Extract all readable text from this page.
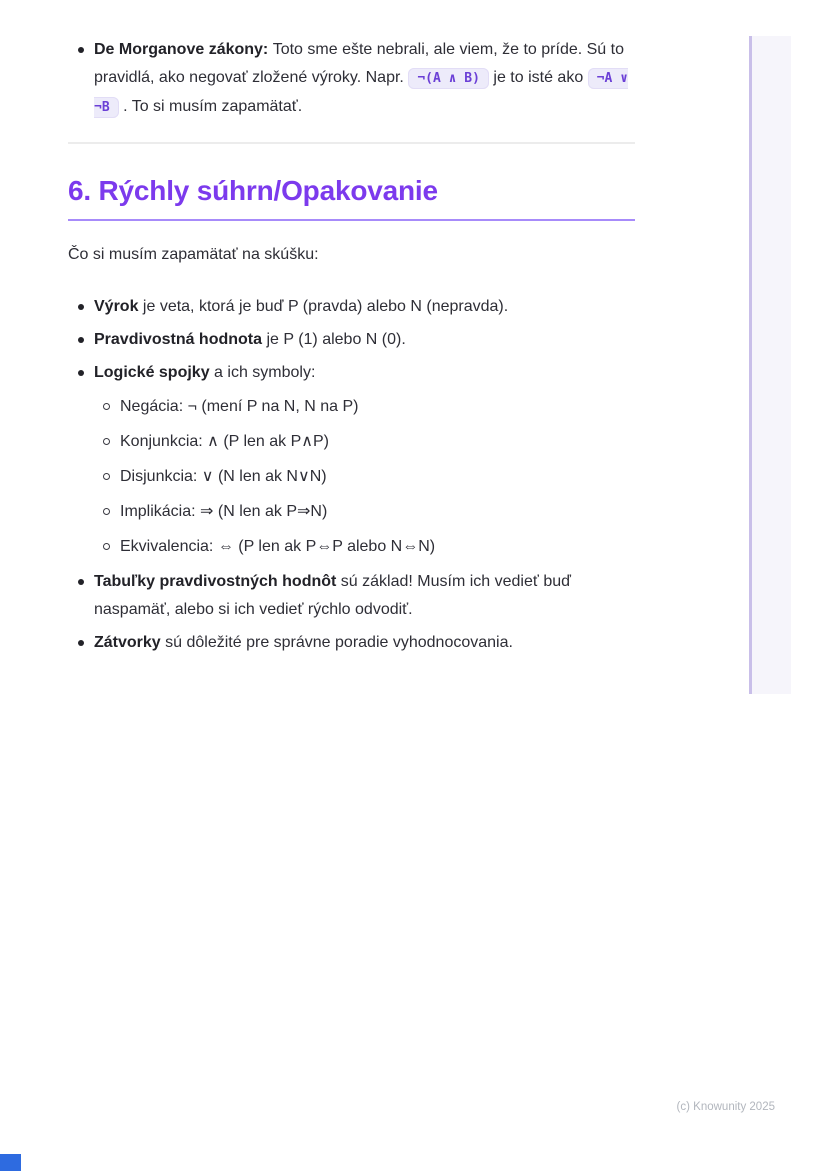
De Morganove zákony: Toto sme ešte nebrali, ale viem, že to príde. Sú to pravidlá, ako negovať zložené výroky. Napr. ¬(A ∧ B) je to isté ako ¬A ∨ ¬B . To si musím zapamätať.
6. Rýchly súhrn/Opakovanie

Čo si musím zapamätať na skúšku:

Výrok je veta, ktorá je buď P (pravda) alebo N (nepravda).
Pravdivostná hodnota je P (1) alebo N (0).
Logické spojky a ich symboly:
Negácia: ¬ (mení P na N, N na P)
Konjunkcia: ∧ (P len ak P∧P)
Disjunkcia: ∨ (N len ak N∨N)
Implikácia: ⇒ (N len ak P⇒N)
Ekvivalencia: ⇔ (P len ak P⇔P alebo N⇔N)
Tabuľky pravdivostných hodnôt sú základ! Musím ich vedieť buď naspamäť, alebo si ich vedieť rýchlo odvodiť.
Zátvorky sú dôležité pre správne poradie vyhodnocovania.
(c) Knowunity 2025
